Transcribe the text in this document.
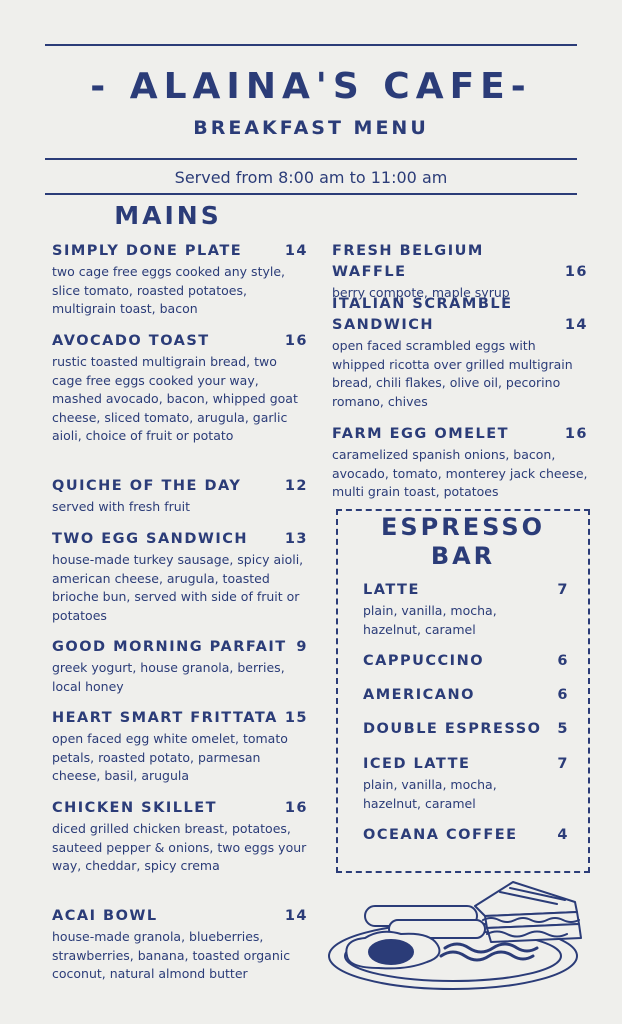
- ALAINA'S CAFE-
BREAKFAST MENU
Served from 8:00 am to 11:00 am
MAINS
SIMPLY DONE PLATE	14
two cage free eggs cooked any style, slice tomato, roasted potatoes, multigrain toast, bacon
AVOCADO TOAST	16
rustic toasted multigrain bread, two cage free eggs cooked your way, mashed avocado, bacon, whipped goat cheese, sliced tomato, arugula, garlic aioli, choice of fruit or potato
QUICHE OF THE DAY	12
served with fresh fruit
TWO EGG SANDWICH	13
house-made turkey sausage, spicy aioli, american cheese, arugula, toasted brioche bun, served with side of fruit or potatoes
GOOD MORNING PARFAIT 9
greek yogurt, house granola, berries, local honey
HEART SMART FRITTATA 15
open faced egg white omelet, tomato petals, roasted potato, parmesan cheese, basil, arugula
CHICKEN SKILLET	16
diced grilled chicken breast, potatoes, sauteed pepper & onions, two eggs your way, cheddar, spicy crema
ACAI BOWL	14
house-made granola, blueberries, strawberries, banana, toasted organic coconut, natural almond butter
FRESH BELGIUM WAFFLE	16
berry compote, maple syrup
ITALIAN SCRAMBLE SANDWICH	14
open faced scrambled eggs with whipped ricotta over grilled multigrain bread, chili flakes, olive oil, pecorino romano, chives
FARM EGG OMELET	16
caramelized spanish onions, bacon, avocado, tomato, monterey jack cheese, multi grain toast, potatoes
ESPRESSO
BAR
LATTE	7
plain, vanilla, mocha, hazelnut, caramel
CAPPUCCINO	6
AMERICANO	6
DOUBLE ESPRESSO	5
ICED LATTE	7
plain, vanilla, mocha, hazelnut, caramel
OCEANA COFFEE	4
